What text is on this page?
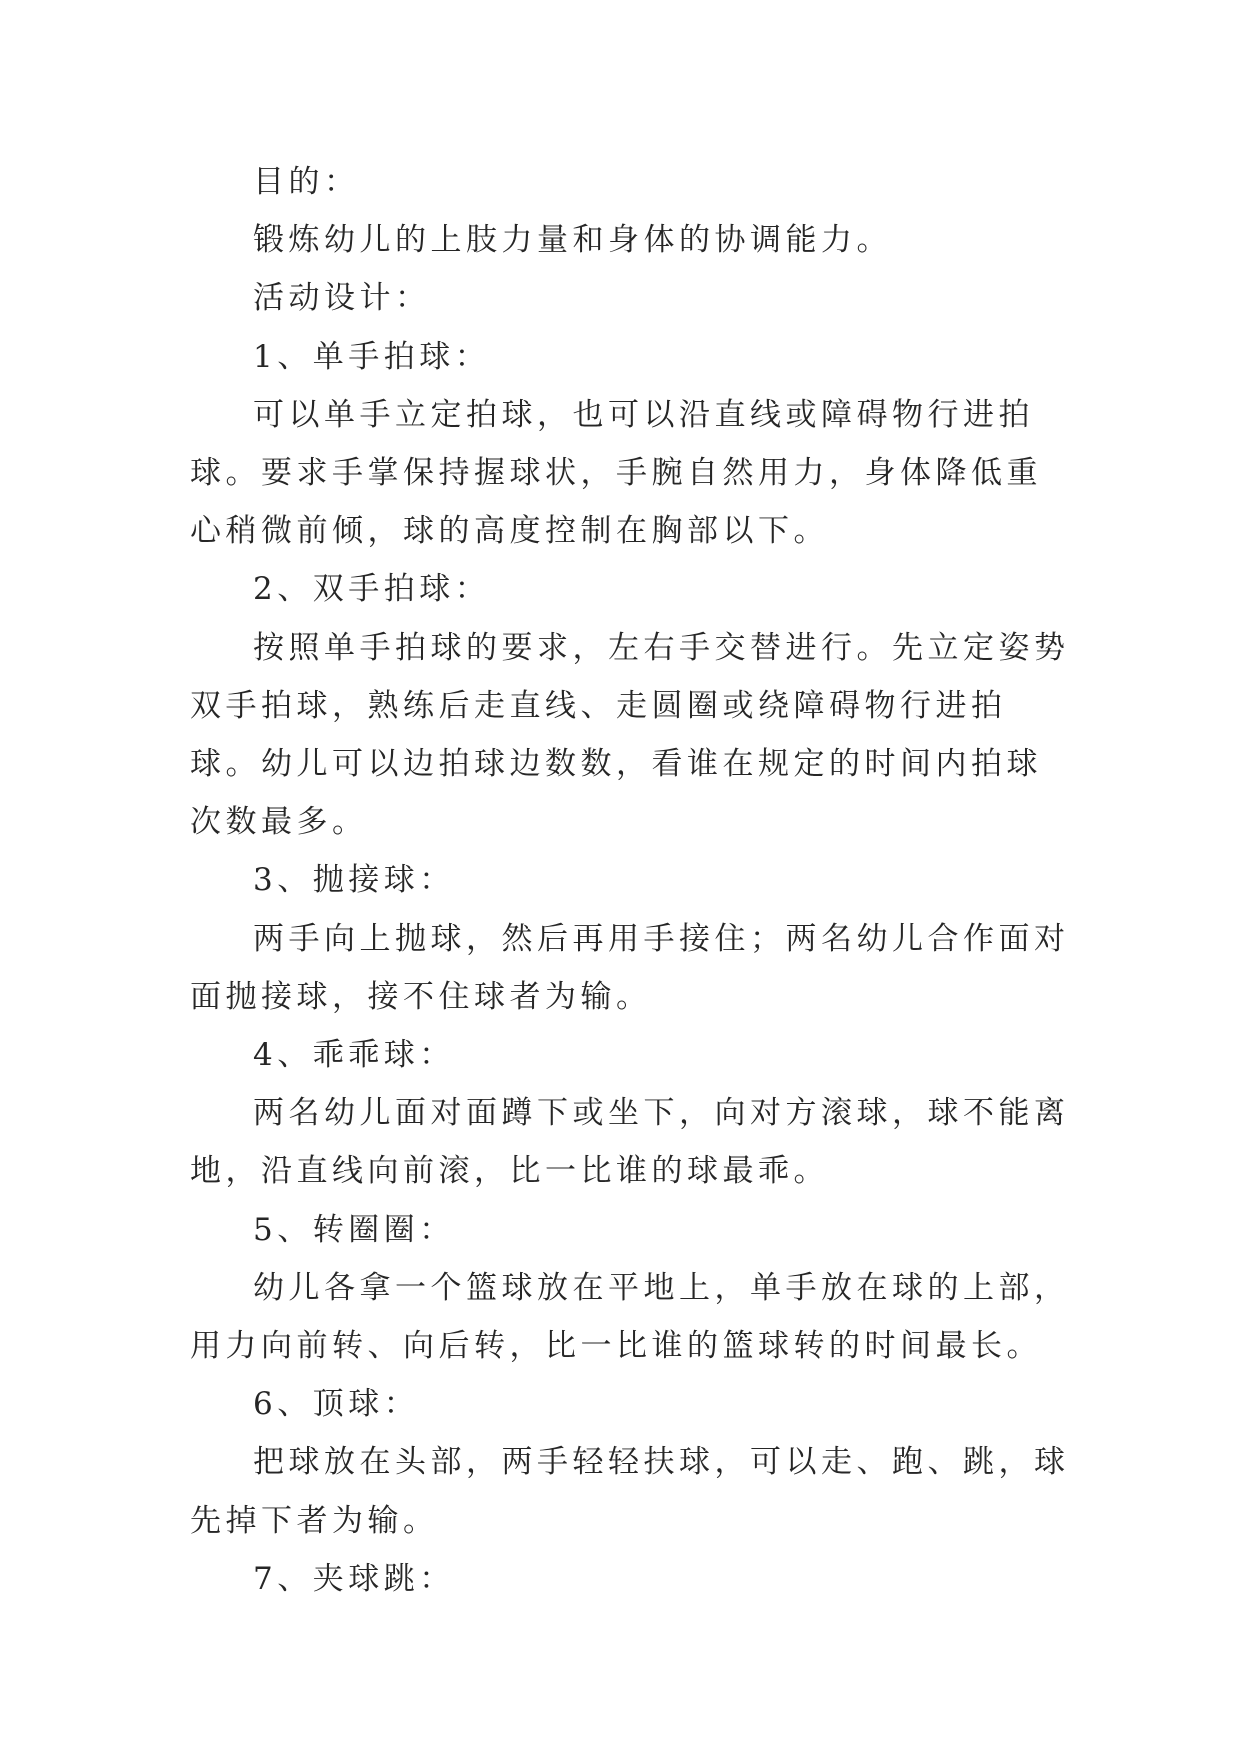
目的：

锻炼幼儿的上肢力量和身体的协调能力。

活动设计：

1、单手拍球：

可以单手立定拍球，也可以沿直线或障碍物行进拍球。要求手掌保持握球状，手腕自然用力，身体降低重心稍微前倾，球的高度控制在胸部以下。

2、双手拍球：

按照单手拍球的要求，左右手交替进行。先立定姿势双手拍球，熟练后走直线、走圆圈或绕障碍物行进拍球。幼儿可以边拍球边数数，看谁在规定的时间内拍球次数最多。

3、抛接球：

两手向上抛球，然后再用手接住；两名幼儿合作面对面抛接球，接不住球者为输。

4、乖乖球：

两名幼儿面对面蹲下或坐下，向对方滚球，球不能离地，沿直线向前滚，比一比谁的球最乖。

5、转圈圈：

幼儿各拿一个篮球放在平地上，单手放在球的上部，用力向前转、向后转，比一比谁的篮球转的时间最长。

6、顶球：

把球放在头部，两手轻轻扶球，可以走、跑、跳，球先掉下者为输。

7、夹球跳：
